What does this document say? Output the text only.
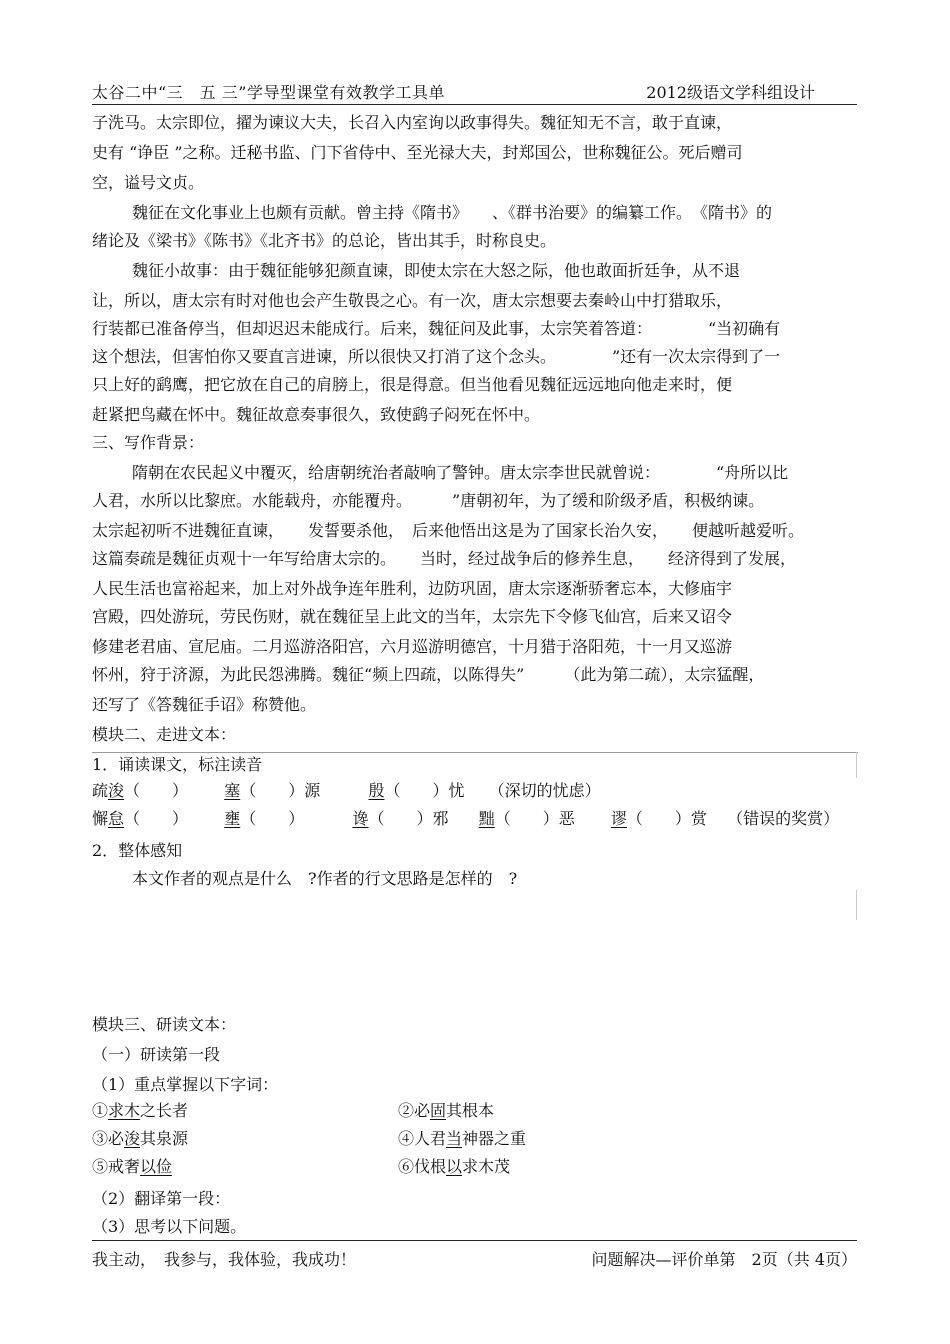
太谷二中“三　五 三”学导型课堂有效教学工具单	2012级语文学科组设计
子洗马。太宗即位，擢为谏议大夫，长召入内室询以政事得失。魏征知无不言，敢于直谏，
史有 “诤臣 ”之称。迁秘书监、门下省侍中、至光禄大夫，封郑国公，世称魏征公。死后赠司
空，谥号文贞。
魏征在文化事业上也颇有贡献。曾主持《隋书》　　、《群书治要》的编纂工作。　《隋书》的
绪论及《梁书》《陈书》《北齐书》的总论，皆出其手，时称良史。
魏征小故事：由于魏征能够犯颜直谏，即使太宗在大怒之际，他也敢面折廷争，从不退
让，所以，唐太宗有时对他也会产生敬畏之心。有一次，唐太宗想要去秦岭山中打猎取乐，
行装都已准备停当，但却迟迟未能成行。后来，魏征问及此事，太宗笑着答道：　　　　“当初确有
这个想法，但害怕你又要直言进谏，所以很快又打消了这个念头。　　　　”还有一次太宗得到了一
只上好的鹞鹰，把它放在自己的肩膀上，很是得意。但当他看见魏征远远地向他走来时，便
赶紧把鸟藏在怀中。魏征故意奏事很久，致使鹞子闷死在怀中。
三、写作背景：
隋朝在农民起义中覆灭，给唐朝统治者敲响了警钟。唐太宗李世民就曾说：　　　　“舟所以比
人君，水所以比黎庶。水能载舟，亦能覆舟。　　　”唐朝初年，为了缓和阶级矛盾，积极纳谏。
太宗起初听不进魏征直谏，　　发誓要杀他，　后来他悟出这是为了国家长治久安，　　便越听越爱听。
这篇奏疏是魏征贞观十一年写给唐太宗的。　　当时，经过战争后的修养生息，　　经济得到了发展，
人民生活也富裕起来，加上对外战争连年胜利，边防巩固，唐太宗逐渐骄奢忘本，大修庙宇
宫殿，四处游玩，劳民伤财，就在魏征呈上此文的当年，太宗先下令修飞仙宫，后来又诏令
修建老君庙、宣尼庙。二月巡游洛阳宫，六月巡游明德宫，十月猎于洛阳苑，十一月又巡游
怀州，狩于济源，为此民怨沸腾。魏征“频上四疏，以陈得失”　　　（此为第二疏），太宗猛醒，
还写了《答魏征手诏》称赞他。
模块二、走进文本：
1．诵读课文，标注读音
疏浚（　　） 塞（　　）源	殷（　　）忧 （深切的忧虑）
懈怠（　　） 壅（　　）	谗（　　）邪 黜（　　）恶 谬（　　）赏 （错误的奖赏）
2．整体感知
本文作者的观点是什么　?作者的行文思路是怎样的　?
模块三、研读文本：
（一）研读第一段
（1）重点掌握以下字词：
①求木之长者	②必固其根本
③必浚其泉源	④人君当神器之重
⑤戒奢以俭	⑥伐根以求木茂
（2）翻译第一段：
（3）思考以下问题。
我主动，　我参与，我体验，我成功！	问题解决—评价单第　2页（共 4页）
